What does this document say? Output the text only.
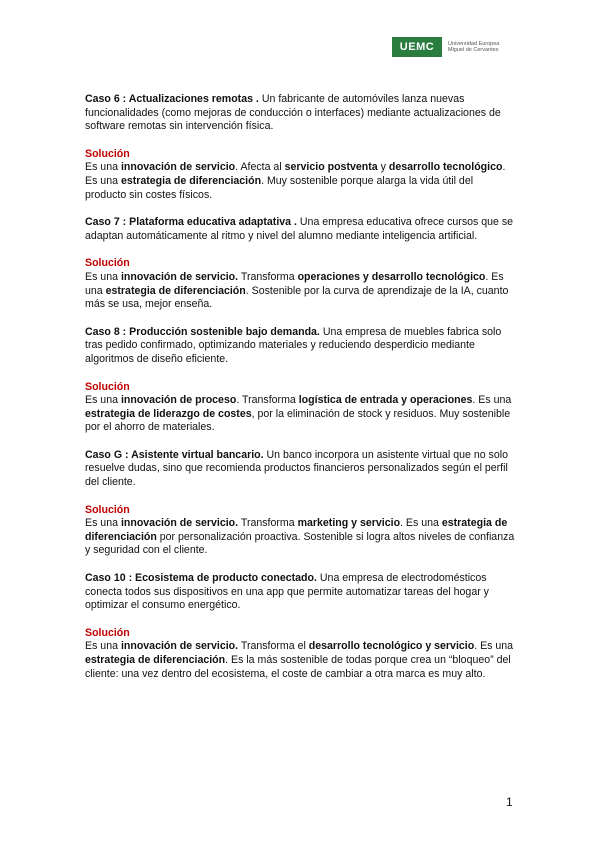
UEMC	Universidad Europea
Miguel de Cervantes

Caso 6 : Actualizaciones remotas . Un fabricante de automóviles lanza nuevas funcionalidades (como mejoras de conducción o interfaces) mediante actualizaciones de software remotas sin intervención física.

Solución

Es una innovación de servicio. Afecta al servicio postventa y desarrollo tecnológico. Es una estrategia de diferenciación. Muy sostenible porque alarga la vida útil del producto sin costes físicos.

Caso 7 : Plataforma educativa adaptativa . Una empresa educativa ofrece cursos que se adaptan automáticamente al ritmo y nivel del alumno mediante inteligencia artificial.

Solución

Es una innovación de servicio. Transforma operaciones y desarrollo tecnológico. Es una estrategia de diferenciación. Sostenible por la curva de aprendizaje de la IA, cuanto más se usa, mejor enseña.

Caso 8 : Producción sostenible bajo demanda. Una empresa de muebles fabrica solo tras pedido confirmado, optimizando materiales y reduciendo desperdicio mediante algoritmos de diseño eficiente.

Solución

Es una innovación de proceso. Transforma logística de entrada y operaciones. Es una estrategia de liderazgo de costes, por la eliminación de stock y residuos. Muy sostenible por el ahorro de materiales.

Caso G : Asistente virtual bancario. Un banco incorpora un asistente virtual que no solo resuelve dudas, sino que recomienda productos financieros personalizados según el perfil del cliente.

Solución

Es una innovación de servicio. Transforma marketing y servicio. Es una estrategia de diferenciación por personalización proactiva. Sostenible si logra altos niveles de confianza y seguridad con el cliente.

Caso 10 : Ecosistema de producto conectado. Una empresa de electrodomésticos conecta todos sus dispositivos en una app que permite automatizar tareas del hogar y optimizar el consumo energético.

Solución

Es una innovación de servicio. Transforma el desarrollo tecnológico y servicio. Es una estrategia de diferenciación. Es la más sostenible de todas porque crea un “bloqueo” del cliente: una vez dentro del ecosistema, el coste de cambiar a otra marca es muy alto.

1
